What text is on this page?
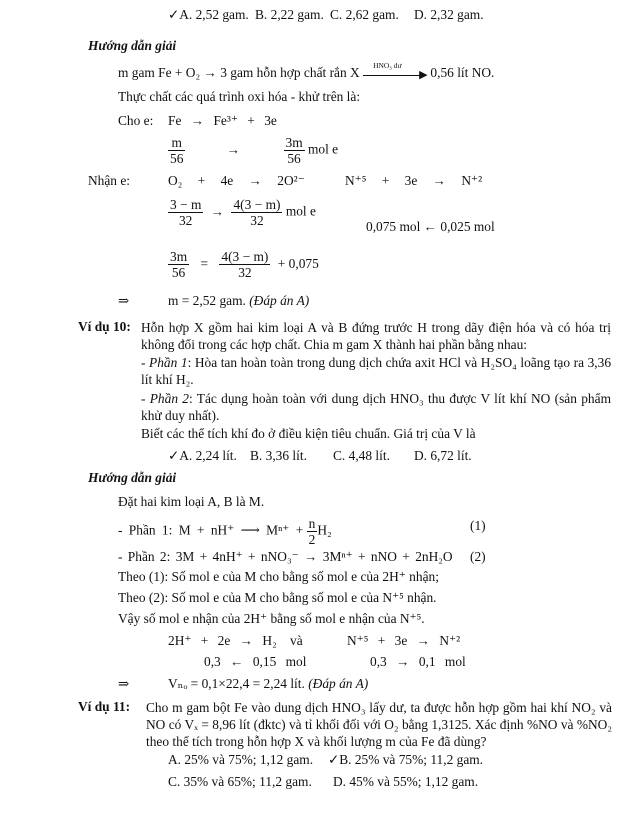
✓A. 2,52 gam. B. 2,22 gam. C. 2,62 gam. D. 2,32 gam.
Hướng dẫn giải
m gam Fe + O₂ → 3 gam hỗn hợp chất rắn X HNO₃ dư
▶ 0,56 lít NO.
Thực chất các quá trình oxi hóa - khử trên là:
Cho e: Fe → Fe³⁺ + 3e
$\frac{m}{56}$	→	$\frac{3m}{56}$ mol e
Nhận e:	O₂ + 4e → 2O²⁻	N⁺⁵ + 3e → N⁺²
$\frac{3 - m}{32} \to \frac{4(3 - m)}{32}$ mol e
0,075 mol ← 0,025 mol
$\frac{3m}{56} = \frac{4(3 - m)}{32} + 0,075$
⇒	m = 2,52 gam. (Đáp án A)
Ví dụ 10: Hỗn hợp X gồm hai kim loại A và B đứng trước H trong dãy điện hóa và có hóa trị không đổi trong các hợp chất. Chia m gam X thành hai phần bằng nhau:
- Phần 1: Hòa tan hoàn toàn trong dung dịch chứa axit HCl và H₂SO₄ loãng tạo ra 3,36 lít khí H₂.
- Phần 2: Tác dụng hoàn toàn với dung dịch HNO₃ thu được V lít khí NO (sản phẩm khử duy nhất).
Biết các thể tích khí đo ở điều kiện tiêu chuẩn. Giá trị của V là
✓A. 2,24 lít. B. 3,36 lít. C. 4,48 lít. D. 6,72 lít.
Hướng dẫn giải
Đặt hai kim loại A, B là M.
- Phần 1: M + nH⁺ ⟶ $M^{n+} + \frac{n}{2} H_2$	(1)
- Phần 2: 3M + 4nH⁺ + nNO₃⁻ → 3Mⁿ⁺ + nNO + 2nH₂O (2)
Theo (1): Số mol e của M cho bằng số mol e của 2H⁺ nhận;
Theo (2): Số mol e của M cho bằng số mol e của N⁺⁵ nhận.
Vậy số mol e nhận của 2H⁺ bằng số mol e nhận của N⁺⁵.
2H⁺ + 2e → H₂ và	N⁺⁵ + 3e → N⁺²
0,3 ← 0,15 mol	0,3 → 0,1 mol
⇒	Vₙₒ = 0,1×22,4 = 2,24 lít. (Đáp án A)
Ví dụ 11: Cho m gam bột Fe vào dung dịch HNO₃ lấy dư, ta được hỗn hợp gồm hai khí NO₂ và NO có Vₓ = 8,96 lít (đktc) và tỉ khối đối với O₂ bằng 1,3125. Xác định %NO và %NO₂ theo thể tích trong hỗn hợp X và khối lượng m của Fe đã dùng?
A. 25% và 75%; 1,12 gam. ✓B. 25% và 75%; 11,2 gam.
C. 35% và 65%; 11,2 gam. D. 45% và 55%; 1,12 gam.
